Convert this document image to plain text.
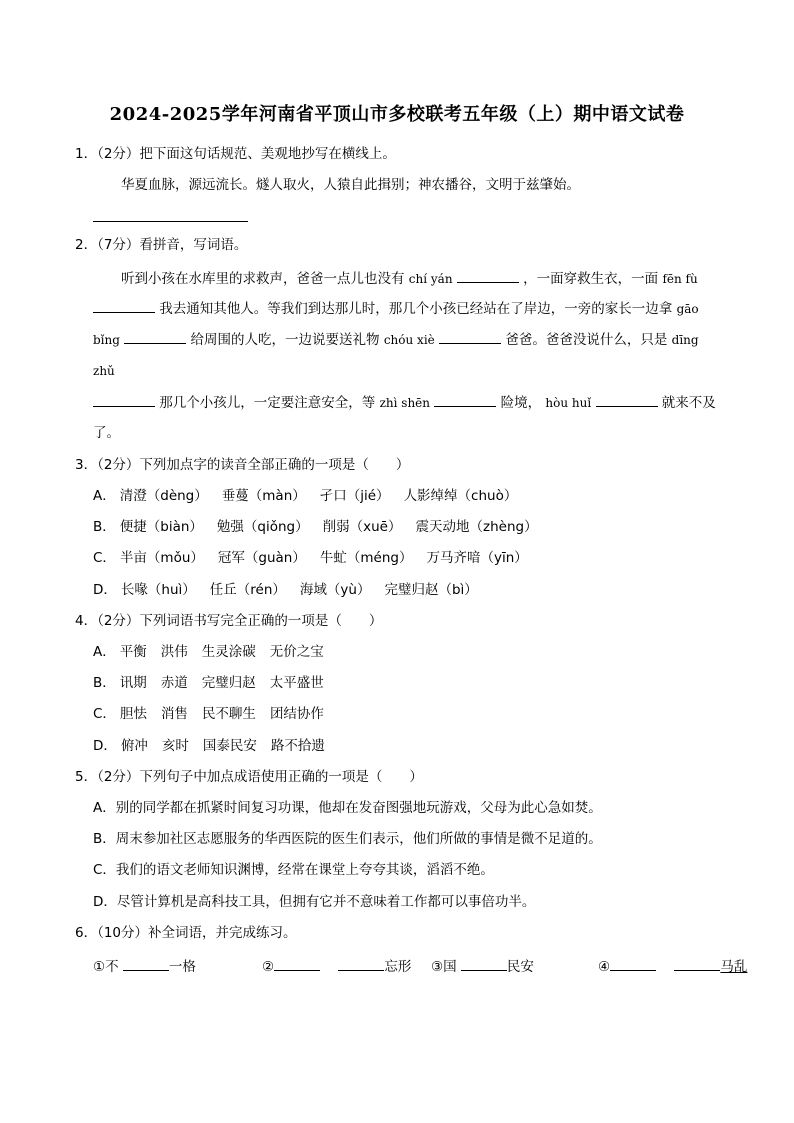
2024-2025学年河南省平顶山市多校联考五年级（上）期中语文试卷
1．（2分）把下面这句话规范、美观地抄写在横线上。
华夏血脉，源远流长。燧人取火，人猿自此揖别；神农播谷，文明于兹肇始。
2．（7分）看拼音，写词语。
听到小孩在水库里的求救声，爸爸一点儿也没有 chí yán	，一面穿救生衣，一面 fēn fù
我去通知其他人。等我们到达那儿时，那几个小孩已经站在了岸边，一旁的家长一边拿 gāo
bǐng	给周围的人吃，一边说要送礼物 chóu xiè	爸爸。爸爸没说什么，只是 dīng
zhǔ
那几个小孩儿，一定要注意安全，等 zhì shēn	险境， hòu huǐ	就来不及
了。
3．（2分）下列加点字的读音全部正确的一项是（　　）
A． 清澄（dèng） 垂蔓（màn） 孑口（jié） 人影绰绰（chuò）
B． 便捷（biàn） 勉强（qiǒng） 削弱（xuē） 震天动地（zhèng）
C． 半亩（mǒu） 冠军（guàn） 牛虻（méng） 万马齐喑（yīn）
D． 长喙（huì） 任丘（rén） 海域（yù） 完璧归赵（bì）
4．（2分）下列词语书写完全正确的一项是（　　）
A． 平衡 洪伟 生灵涂碳 无价之宝
B． 讯期 赤道 完璧归赵 太平盛世
C． 胆怯 消售 民不聊生 团结协作
D． 俯冲 亥时 国泰民安 路不拾遗
5．（2分）下列句子中加点成语使用正确的一项是（　　）
A．别的同学都在抓紧时间复习功课，他却在发奋图强地玩游戏，父母为此心急如焚。
B．周末参加社区志愿服务的华西医院的医生们表示，他们所做的事情是微不足道的。
C．我们的语文老师知识渊博，经常在课堂上夸夸其谈，滔滔不绝。
D．尽管计算机是高科技工具，但拥有它并不意味着工作都可以事倍功半。
6．（10分）补全词语，并完成练习。
①不	一格	②	忘形 ③国	民安	④	马乱
